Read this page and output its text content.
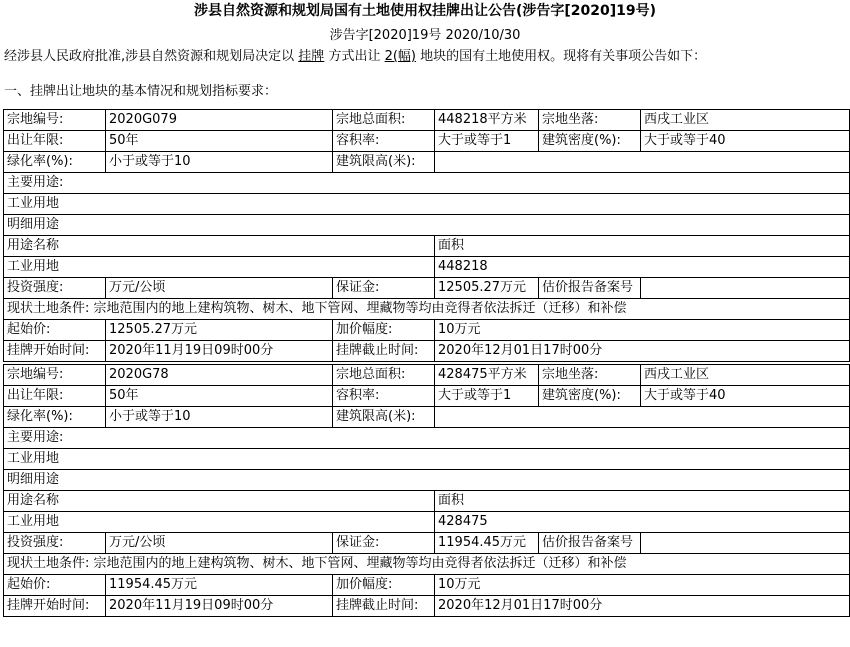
涉县自然资源和规划局国有土地使用权挂牌出让公告(涉告字[2020]19号)
涉告字[2020]19号 2020/10/30
经涉县人民政府批准,涉县自然资源和规划局决定以 挂牌 方式出让 2(幅) 地块的国有土地使用权。现将有关事项公告如下：
一、挂牌出让地块的基本情况和规划指标要求：
宗地编号:	2020G079	宗地总面积:	448218平方米	宗地坐落:	西戌工业区
出让年限:	50年	容积率:	大于或等于1	建筑密度(%):	大于或等于40
绿化率(%):	小于或等于10	建筑限高(米):			
主要用途:					
工业用地					
明细用途					
用途名称			面积		
工业用地			448218		
投资强度:	万元/公顷	保证金:	12505.27万元	估价报告备案号	
现状土地条件: 宗地范围内的地上建构筑物、树木、地下管网、埋藏物等均由竞得者依法拆迁（迁移）和补偿					
起始价:	12505.27万元	加价幅度:	10万元		
挂牌开始时间:	2020年11月19日09时00分	挂牌截止时间:	2020年12月01日17时00分		

宗地编号:	2020G78	宗地总面积:	428475平方米	宗地坐落:	西戌工业区
出让年限:	50年	容积率:	大于或等于1	建筑密度(%):	大于或等于40
绿化率(%):	小于或等于10	建筑限高(米):			
主要用途:					
工业用地					
明细用途					
用途名称			面积		
工业用地			428475		
投资强度:	万元/公顷	保证金:	11954.45万元	估价报告备案号	
现状土地条件: 宗地范围内的地上建构筑物、树木、地下管网、埋藏物等均由竞得者依法拆迁（迁移）和补偿					
起始价:	11954.45万元	加价幅度:	10万元		
挂牌开始时间:	2020年11月19日09时00分	挂牌截止时间:	2020年12月01日17时00分		
